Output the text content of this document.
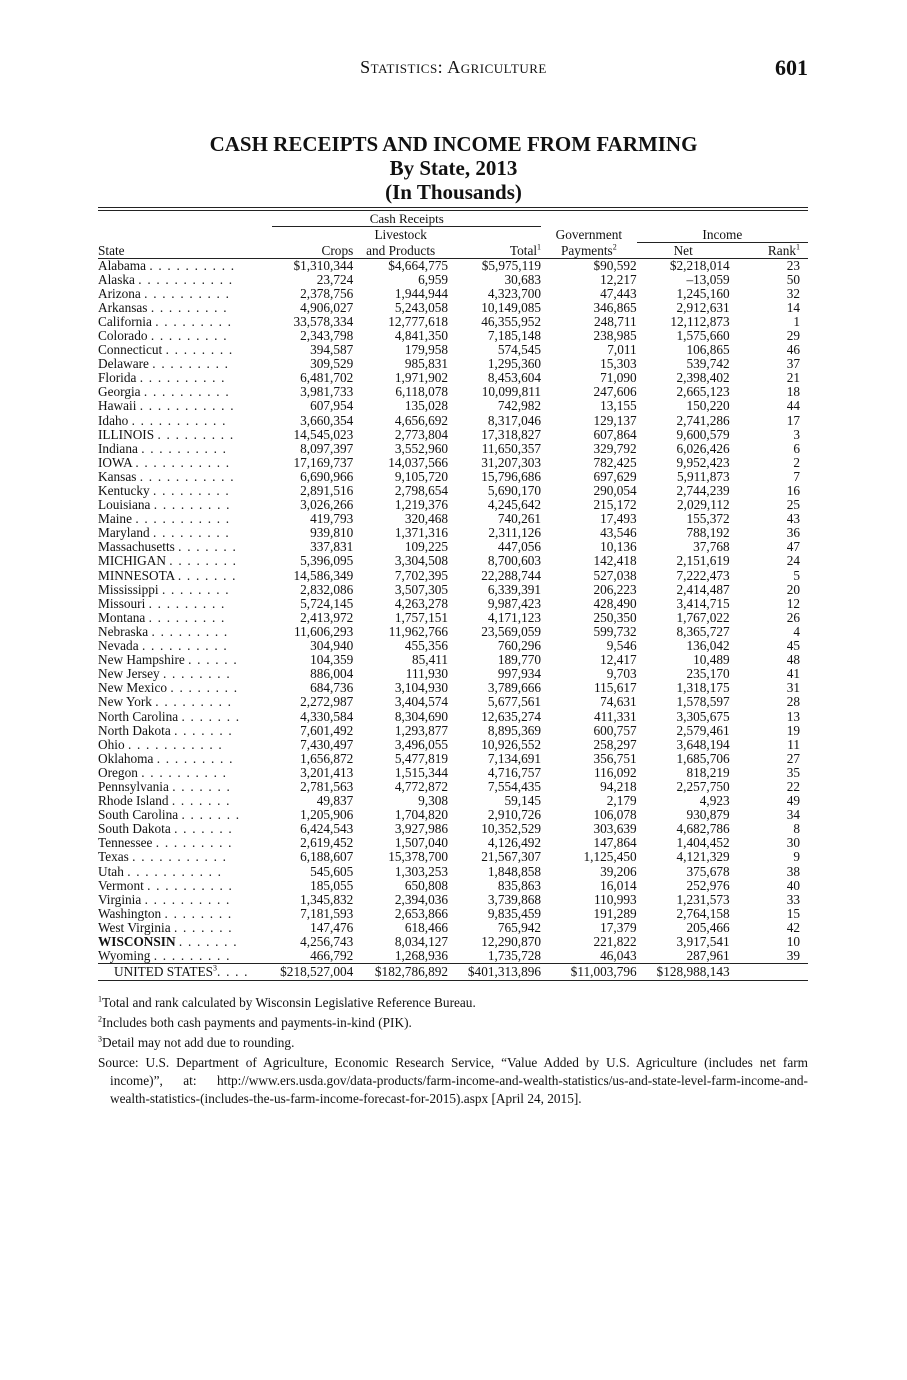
Statistics: Agriculture	601
CASH RECEIPTS AND INCOME FROM FARMING
By State, 2013
(In Thousands)
	Cash Receipts					
		Livestock		Government	Income	
State	Crops	and Products	Total$^1$	Payments$^2$	Net	Rank$^1$
Alabama . . . . . . . . . .	$1,310,344	$4,664,775	$5,975,119	$90,592	$2,218,014	23
Alaska . . . . . . . . . . .	23,724	6,959	30,683	12,217	–13,059	50
Arizona . . . . . . . . . .	2,378,756	1,944,944	4,323,700	47,443	1,245,160	32
Arkansas . . . . . . . . .	4,906,027	5,243,058	10,149,085	346,865	2,912,631	14
California . . . . . . . . .	33,578,334	12,777,618	46,355,952	248,711	12,112,873	1
Colorado . . . . . . . . .	2,343,798	4,841,350	7,185,148	238,985	1,575,660	29
Connecticut . . . . . . . .	394,587	179,958	574,545	7,011	106,865	46
Delaware . . . . . . . . .	309,529	985,831	1,295,360	15,303	539,742	37
Florida . . . . . . . . . .	6,481,702	1,971,902	8,453,604	71,090	2,398,402	21
Georgia . . . . . . . . . .	3,981,733	6,118,078	10,099,811	247,606	2,665,123	18
Hawaii . . . . . . . . . . .	607,954	135,028	742,982	13,155	150,220	44
Idaho . . . . . . . . . . .	3,660,354	4,656,692	8,317,046	129,137	2,741,286	17
ILLINOIS . . . . . . . . .	14,545,023	2,773,804	17,318,827	607,864	9,600,579	3
Indiana . . . . . . . . . .	8,097,397	3,552,960	11,650,357	329,792	6,026,426	6
IOWA . . . . . . . . . . .	17,169,737	14,037,566	31,207,303	782,425	9,952,423	2
Kansas . . . . . . . . . . .	6,690,966	9,105,720	15,796,686	697,629	5,911,873	7
Kentucky . . . . . . . . .	2,891,516	2,798,654	5,690,170	290,054	2,744,239	16
Louisiana . . . . . . . . .	3,026,266	1,219,376	4,245,642	215,172	2,029,112	25
Maine . . . . . . . . . . .	419,793	320,468	740,261	17,493	155,372	43
Maryland . . . . . . . . .	939,810	1,371,316	2,311,126	43,546	788,192	36
Massachusetts . . . . . . .	337,831	109,225	447,056	10,136	37,768	47
MICHIGAN . . . . . . . .	5,396,095	3,304,508	8,700,603	142,418	2,151,619	24
MINNESOTA . . . . . . .	14,586,349	7,702,395	22,288,744	527,038	7,222,473	5
Mississippi . . . . . . . .	2,832,086	3,507,305	6,339,391	206,223	2,414,487	20
Missouri . . . . . . . . .	5,724,145	4,263,278	9,987,423	428,490	3,414,715	12
Montana . . . . . . . . .	2,413,972	1,757,151	4,171,123	250,350	1,767,022	26
Nebraska . . . . . . . . .	11,606,293	11,962,766	23,569,059	599,732	8,365,727	4
Nevada . . . . . . . . . .	304,940	455,356	760,296	9,546	136,042	45
New Hampshire . . . . . .	104,359	85,411	189,770	12,417	10,489	48
New Jersey . . . . . . . .	886,004	111,930	997,934	9,703	235,170	41
New Mexico . . . . . . . .	684,736	3,104,930	3,789,666	115,617	1,318,175	31
New York . . . . . . . . .	2,272,987	3,404,574	5,677,561	74,631	1,578,597	28
North Carolina . . . . . . .	4,330,584	8,304,690	12,635,274	411,331	3,305,675	13
North Dakota . . . . . . .	7,601,492	1,293,877	8,895,369	600,757	2,579,461	19
Ohio . . . . . . . . . . .	7,430,497	3,496,055	10,926,552	258,297	3,648,194	11
Oklahoma . . . . . . . . .	1,656,872	5,477,819	7,134,691	356,751	1,685,706	27
Oregon . . . . . . . . . .	3,201,413	1,515,344	4,716,757	116,092	818,219	35
Pennsylvania . . . . . . .	2,781,563	4,772,872	7,554,435	94,218	2,257,750	22
Rhode Island . . . . . . .	49,837	9,308	59,145	2,179	4,923	49
South Carolina . . . . . . .	1,205,906	1,704,820	2,910,726	106,078	930,879	34
South Dakota . . . . . . .	6,424,543	3,927,986	10,352,529	303,639	4,682,786	8
Tennessee . . . . . . . . .	2,619,452	1,507,040	4,126,492	147,864	1,404,452	30
Texas . . . . . . . . . . .	6,188,607	15,378,700	21,567,307	1,125,450	4,121,329	9
Utah . . . . . . . . . . .	545,605	1,303,253	1,848,858	39,206	375,678	38
Vermont . . . . . . . . . .	185,055	650,808	835,863	16,014	252,976	40
Virginia . . . . . . . . . .	1,345,832	2,394,036	3,739,868	110,993	1,231,573	33
Washington . . . . . . . .	7,181,593	2,653,866	9,835,459	191,289	2,764,158	15
West Virginia . . . . . . .	147,476	618,466	765,942	17,379	205,466	42
WISCONSIN . . . . . . .	4,256,743	8,034,127	12,290,870	221,822	3,917,541	10
Wyoming . . . . . . . . .	466,792	1,268,936	1,735,728	46,043	287,961	39
UNITED STATES$^3$. . . .	$218,527,004	$182,786,892	$401,313,896	$11,003,796	$128,988,143	

$^1$Total and rank calculated by Wisconsin Legislative Reference Bureau.

$^2$Includes both cash payments and payments-in-kind (PIK).

$^3$Detail may not add due to rounding.

Source: U.S. Department of Agriculture, Economic Research Service, “Value Added by U.S. Agriculture (includes net farm income)”, at: http://www.ers.usda.gov/data-products/farm-income-and-wealth-statistics/us-and-state-level-farm-income-and-wealth-statistics-(includes-the-us-farm-income-forecast-for-2015).aspx [April 24, 2015].
